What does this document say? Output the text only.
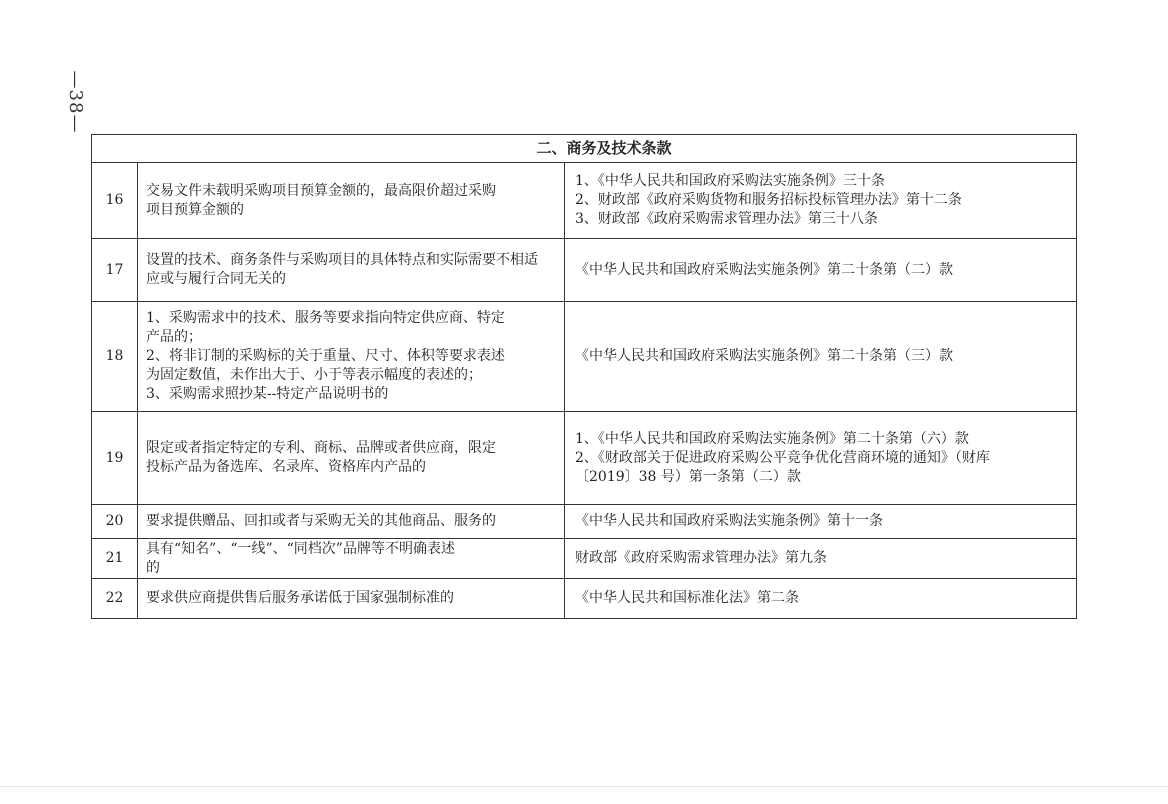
—38—
二、商务及技术条款		
16	交易文件未载明采购项目预算金额的，最高限价超过采购
项目预算金额的	1、《中华人民共和国政府采购法实施条例》三十条
2、财政部《政府采购货物和服务招标投标管理办法》第十二条
3、财政部《政府采购需求管理办法》第三十八条

17	设置的技术、商务条件与采购项目的具体特点和实际需要不相适
应或与履行合同无关的	《中华人民共和国政府采购法实施条例》第二十条第（二）款

18	1、采购需求中的技术、服务等要求指向特定供应商、特定
产品的；
2、将非订制的采购标的关于重量、尺寸、体积等要求表述
为固定数值，未作出大于、小于等表示幅度的表述的；
3、采购需求照抄某--特定产品说明书的	《中华人民共和国政府采购法实施条例》第二十条第（三）款

19	限定或者指定特定的专利、商标、品牌或者供应商，限定
投标产品为备选库、名录库、资格库内产品的	1、《中华人民共和国政府采购法实施条例》第二十条第（六）款
2、《财政部关于促进政府采购公平竞争优化营商环境的通知》（财库
〔2019〕38 号）第一条第（二）款

20	要求提供赠品、回扣或者与采购无关的其他商品、服务的	《中华人民共和国政府采购法实施条例》第十一条

21	具有“知名”、“一线”、“同档次”品牌等不明确表述
的	财政部《政府采购需求管理办法》第九条

22	要求供应商提供售后服务承诺低于国家强制标准的	《中华人民共和国标准化法》第二条
